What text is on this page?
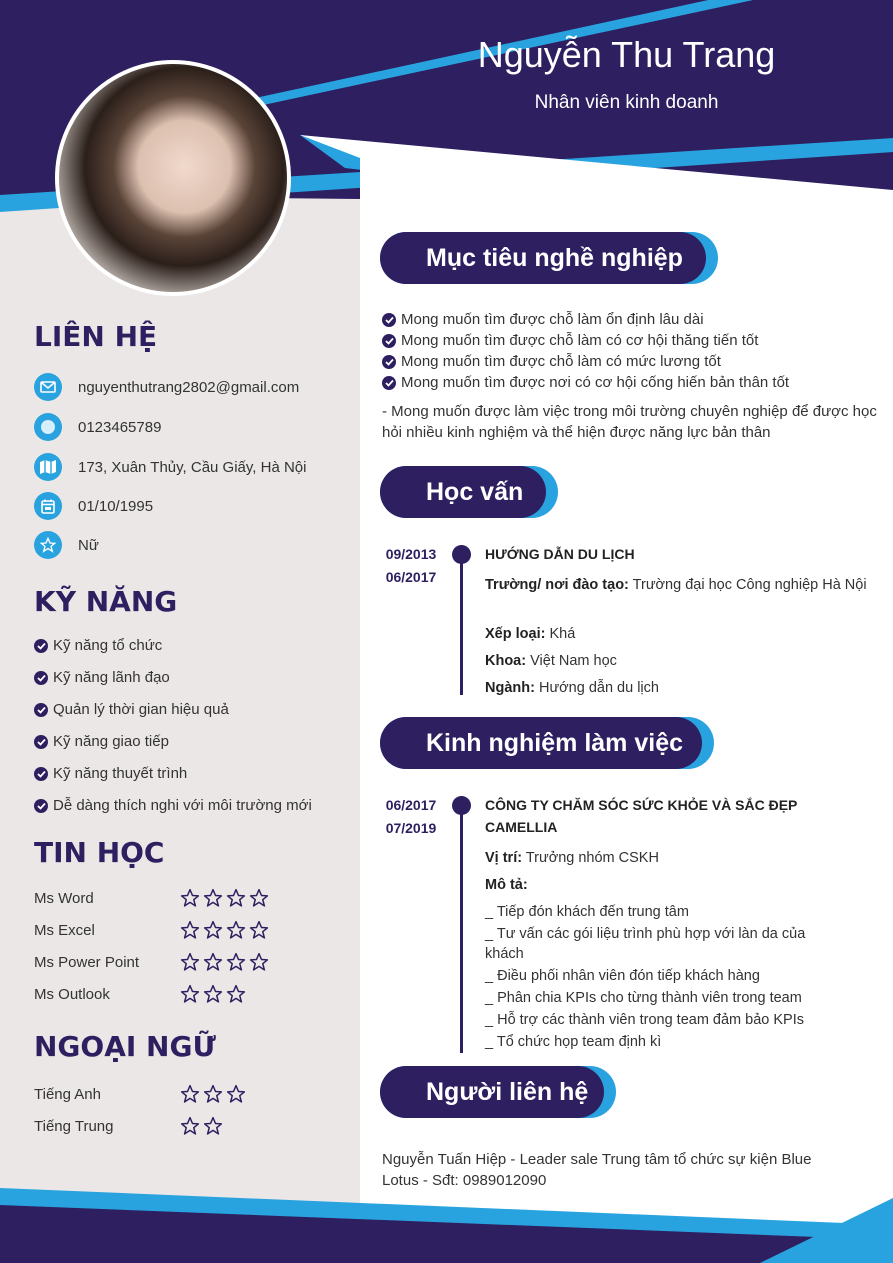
Nguyễn Thu Trang
Nhân viên kinh doanh
LIÊN HỆ
nguyenthutrang2802@gmail.com
0123465789
173, Xuân Thủy, Cầu Giấy, Hà Nội
01/10/1995
Nữ
KỸ NĂNG
Kỹ năng tổ chức
Kỹ năng lãnh đạo
Quản lý thời gian hiệu quả
Kỹ năng giao tiếp
Kỹ năng thuyết trình
Dễ dàng thích nghi với môi trường mới
TIN HỌC
Ms Word
Ms Excel
Ms Power Point
Ms Outlook
NGOẠI NGỮ
Tiếng Anh
Tiếng Trung
Mục tiêu nghề nghiệp
Mong muốn tìm được chỗ làm ổn định lâu dài
Mong muốn tìm được chỗ làm có cơ hội thăng tiến tốt
Mong muốn tìm được chỗ làm có mức lương tốt
Mong muốn tìm được nơi có cơ hội cống hiến bản thân tốt
- Mong muốn được làm việc trong môi trường chuyên nghiệp để được học hỏi nhiều kinh nghiệm và thể hiện được năng lực bản thân
Học vấn
09/2013
06/2017
HƯỚNG DẪN DU LỊCH
Trường/ nơi đào tạo: Trường đại học Công nghiệp Hà Nội
Xếp loại: Khá
Khoa: Việt Nam học
Ngành: Hướng dẫn du lịch
Kinh nghiệm làm việc
06/2017
07/2019
CÔNG TY CHĂM SÓC SỨC KHỎE VÀ SẮC ĐẸP CAMELLIA
Vị trí: Trưởng nhóm CSKH
Mô tả:
_ Tiếp đón khách đến trung tâm
_ Tư vấn các gói liệu trình phù hợp với làn da của khách
_ Điều phối nhân viên đón tiếp khách hàng
_ Phân chia KPIs cho từng thành viên trong team
_ Hỗ trợ các thành viên trong team đảm bảo KPIs
_ Tổ chức họp team định kì
Người liên hệ
Nguyễn Tuấn Hiệp - Leader sale Trung tâm tổ chức sự kiện Blue Lotus - Sđt: 0989012090
